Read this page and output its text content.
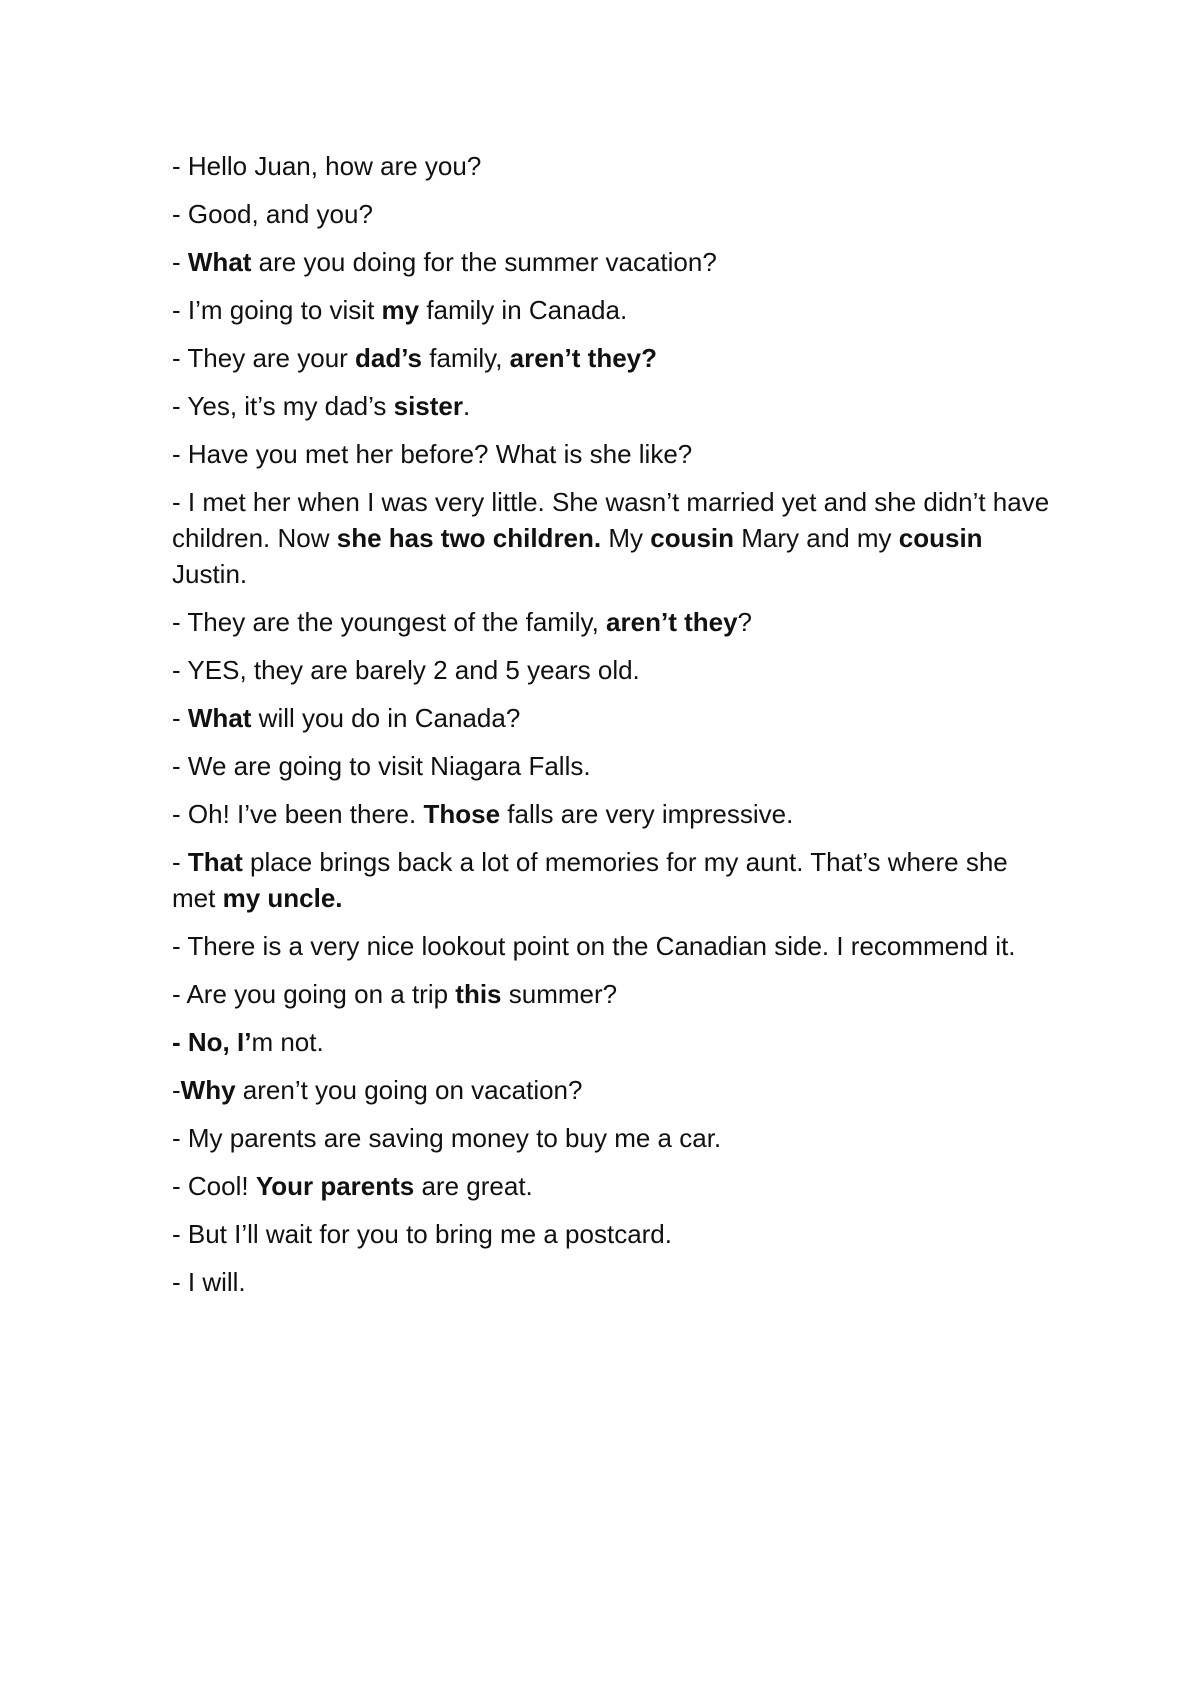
- Hello Juan, how are you?

- Good, and you?

- What are you doing for the summer vacation?

- I’m going to visit my family in Canada.

- They are your dad’s family, aren’t they?

- Yes, it’s my dad’s sister.

- Have you met her before? What is she like?

- I met her when I was very little. She wasn’t married yet and she didn’t have children. Now she has two children. My cousin Mary and my cousin Justin.

- They are the youngest of the family, aren’t they?

- YES, they are barely 2 and 5 years old.

- What will you do in Canada?

- We are going to visit Niagara Falls.

- Oh! I’ve been there. Those falls are very impressive.

- That place brings back a lot of memories for my aunt. That’s where she met my uncle.

- There is a very nice lookout point on the Canadian side. I recommend it.

- Are you going on a trip this summer?

- No, I’m not.

-Why aren’t you going on vacation?

- My parents are saving money to buy me a car.

- Cool! Your parents are great.

- But I’ll wait for you to bring me a postcard.

- I will.
